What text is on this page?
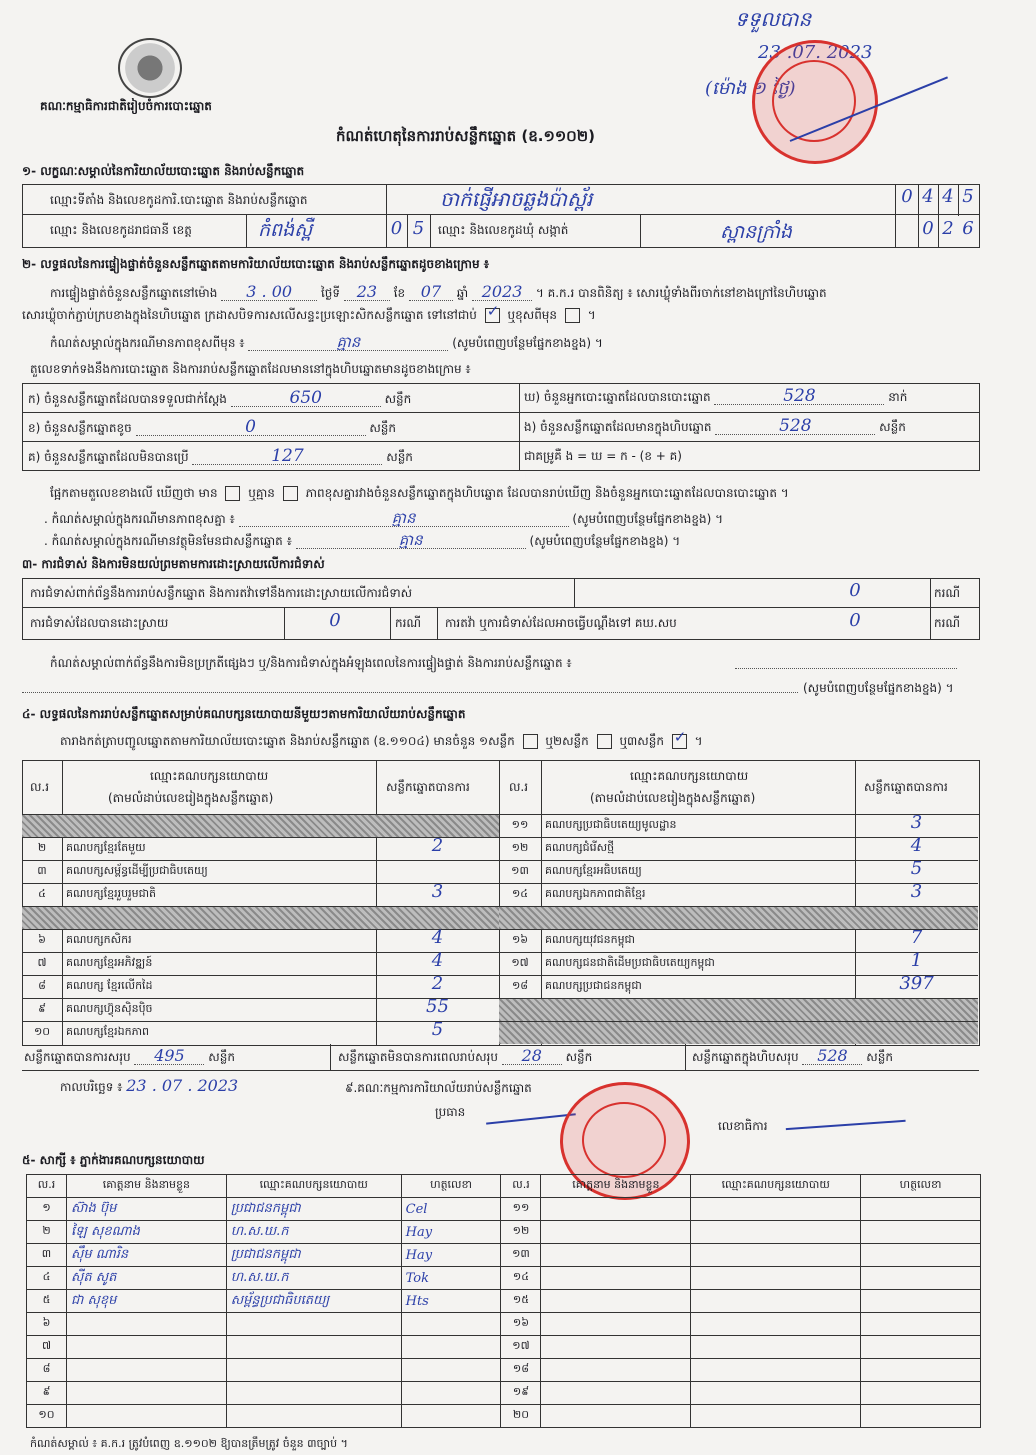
គណៈកម្មាធិការជាតិរៀបចំការបោះឆ្នោត
កំណត់ហេតុនៃការរាប់សន្លឹកឆ្នោត (ឧ.១១០២)
ទទួលបាន
23 .07. 2023
(ម៉ោង ១ ថ្ងៃ)
១- លក្ខណៈសម្គាល់នៃការិយាល័យបោះឆ្នោត និងរាប់សន្លឹកឆ្នោត
ឈ្មោះទីតាំង និងលេខកូដការិ.បោះឆ្នោត និងរាប់សន្លឹកឆ្នោត	ចាក់ផ្ញើអាចឆ្លងប៉ាស្ព័រ	0 4 4 5
ឈ្មោះ និងលេខកូដរាជធានី ខេត្ត	កំពង់ស្ពឺ	0 5	ឈ្មោះ និងលេខកូដឃុំ សង្កាត់	ស្ពានក្រាំង	0 2 6
២- លទ្ធផលនៃការផ្ទៀងផ្ទាត់ចំនួនសន្លឹកឆ្នោតតាមការិយាល័យបោះឆ្នោត និងរាប់សន្លឹកឆ្នោតដូចខាងក្រោម ៖
ការផ្ទៀងផ្ទាត់ចំនួនសន្លឹកឆ្នោតនៅម៉ោង 3 . 00 ថ្ងៃទី 23 ខែ 07 ឆ្នាំ 2023 ។ គ.ក.រ បានពិនិត្យ ៖ សោរឃ្លុំទាំងពីរចាក់នៅខាងក្រៅនៃហិបឆ្នោត
សោរឃ្លុំចាក់ភ្ជាប់ក្របខាងក្នុងនៃហិបឆ្នោត ក្រដាសបិទការសលើសន្ទះប្រឡោះសិកសន្លឹកឆ្នោត ទៅនៅជាប់ ✓ ឬខុសពីមុន  ។
កំណត់សម្គាល់ក្នុងករណីមានភាពខុសពីមុន ៖	គ្មាន	(សូមបំពេញបន្ថែមផ្នែកខាងខ្នង) ។
តួលេខទាក់ទងនឹងការបោះឆ្នោត និងការរាប់សន្លឹកឆ្នោតដែលមាននៅក្នុងហិបឆ្នោតមានដូចខាងក្រោម ៖
ក) ចំនួនសន្លឹកឆ្នោតដែលបានទទួលជាក់ស្តែង	650	សន្លឹក
ខ) ចំនួនសន្លឹកឆ្នោតខូច	0	សន្លឹក
គ) ចំនួនសន្លឹកឆ្នោតដែលមិនបានប្រើ	127	សន្លឹក
ឃ) ចំនួនអ្នកបោះឆ្នោតដែលបានបោះឆ្នោត	528	នាក់
ង) ចំនួនសន្លឹកឆ្នោតដែលមានក្នុងហិបឆ្នោត	528	សន្លឹក
ជាគម្រូគឺ ង = ឃ = ក - (ខ + គ)
ផ្អែកតាមតួលេខខាងលើ ឃើញថា មាន	ឬគ្មាន	ភាពខុសគ្នារវាងចំនួនសន្លឹកឆ្នោតក្នុងហិបឆ្នោត ដែលបានរាប់ឃើញ និងចំនួនអ្នកបោះឆ្នោតដែលបានបោះឆ្នោត ។
. កំណត់សម្គាល់ក្នុងករណីមានភាពខុសគ្នា ៖	គ្មាន	(សូមបំពេញបន្ថែមផ្នែកខាងខ្នង) ។
. កំណត់សម្គាល់ក្នុងករណីមានវត្ថុមិនមែនជាសន្លឹកឆ្នោត ៖	គ្មាន	(សូមបំពេញបន្ថែមផ្នែកខាងខ្នង) ។
៣- ការជំទាស់ និងការមិនយល់ព្រមតាមការដោះស្រាយលើការជំទាស់
ការជំទាស់ពាក់ព័ន្ធនឹងការរាប់សន្លឹកឆ្នោត និងការតវ៉ាទៅនឹងការដោះស្រាយលើការជំទាស់	0	ករណី
ការជំទាស់ដែលបានដោះស្រាយ	0	ករណី ការតវ៉ា ឬការជំទាស់ដែលអាចធ្វើបណ្តឹងទៅ គឃ.សប	0	ករណី
កំណត់សម្គាល់ពាក់ព័ន្ធនឹងការមិនប្រក្រតីផ្សេងៗ ឬ/និងការជំទាស់ក្នុងអំឡុងពេលនៃការផ្ទៀងផ្ទាត់ និងការរាប់សន្លឹកឆ្នោត ៖
(សូមបំពេញបន្ថែមផ្នែកខាងខ្នង) ។
៤- លទ្ធផលនៃការរាប់សន្លឹកឆ្នោតសម្រាប់គណបក្សនយោបាយនីមួយៗតាមការិយាល័យរាប់សន្លឹកឆ្នោត
តារាងកត់ត្រាបញ្ជូលឆ្នោតតាមការិយាល័យបោះឆ្នោត និងរាប់សន្លឹកឆ្នោត (ឧ.១១០៤) មានចំនួន ១សន្លឹក	ឬ២សន្លឹក	ឬ៣សន្លឹក ✓ ។
ល.រ
ឈ្មោះគណបក្សនយោបាយ
(តាមលំដាប់លេខរៀងក្នុងសន្លឹកឆ្នោត)
សន្លឹកឆ្នោតបានការ	ល.រ
ឈ្មោះគណបក្សនយោបាយ
(តាមលំដាប់លេខរៀងក្នុងសន្លឹកឆ្នោត)
សន្លឹកឆ្នោតបានការ
សន្លឹកឆ្នោតបានការសរុប 495 សន្លឹក	សន្លឹកឆ្នោតមិនបានការពេលរាប់សរុប 28 សន្លឹក	សន្លឹកឆ្នោតក្នុងហិបសរុប 528 សន្លឹក
កាលបរិច្ឆេទ ៖ 23 . 07 . 2023	៩.គណៈកម្មការការិយាល័យរាប់សន្លឹកឆ្នោត
ប្រធាន
លេខាធិការ
៥- សាក្សី ៖ ភ្នាក់ងារគណបក្សនយោបាយ
ល.រ	គោត្តនាម និងនាមខ្លួន	ឈ្មោះគណបក្សនយោបាយ	ហត្ថលេខា	ល.រ	គោត្តនាម និងនាមខ្លួន	ឈ្មោះគណបក្សនយោបាយ	ហត្ថលេខា
១	ស៊ាង ប៊ុម	ប្រជាជនកម្ពុជា	Cel	១១			
២	ឡៃ សុខណាង	ហ.ស.ឃ.ក	Hay	១២			
៣	ស៊ឹម ណារិន	ប្រជាជនកម្ពុជា	Hay	១៣			
៤	ស៊ីត សូត	ហ.ស.ឃ.ក	Tok	១៤			
៥	ជា សុខុម	សម្ព័ន្ធប្រជាធិបតេយ្យ	Hts	១៥			
៦				១៦			
៧				១៧			
៨				១៨			
៩				១៩			
១០				២០			
កំណត់សម្គាល់ ៖ គ.ក.រ ត្រូវបំពេញ ឧ.១១០២ ឱ្យបានត្រឹមត្រូវ ចំនួន ៣ច្បាប់ ។
២	គណបក្សខ្មែរតែមួយ	2
៣	គណបក្សសម្ព័ន្ធដើម្បីប្រជាធិបតេយ្យ
៤	គណបក្សខ្មែររួបរួមជាតិ	3
៦	គណបក្សកសិករ	4
៧	គណបក្សខ្មែរអភិវឌ្ឍន៍	4
៨	គណបក្ស ខ្មែរលើកដៃ	2
៩	គណបក្សហ៊្វុនស៊ិនប៉ិច	55
១០	គណបក្សខ្មែរឯកភាព	5
១១	គណបក្សប្រជាធិបតេយ្យមូលដ្ឋាន	3
១២	គណបក្សជំរើសថ្មី	4
១៣	គណបក្សខ្មែរអធិបតេយ្យ	5
១៤	គណបក្សឯកភាពជាតិខ្មែរ	3
១៦	គណបក្សយុវជនកម្ពុជា	7
១៧	គណបក្សជនជាតិដើមប្រជាធិបតេយ្យកម្ពុជា	1
១៨	គណបក្សប្រជាជនកម្ពុជា	397
